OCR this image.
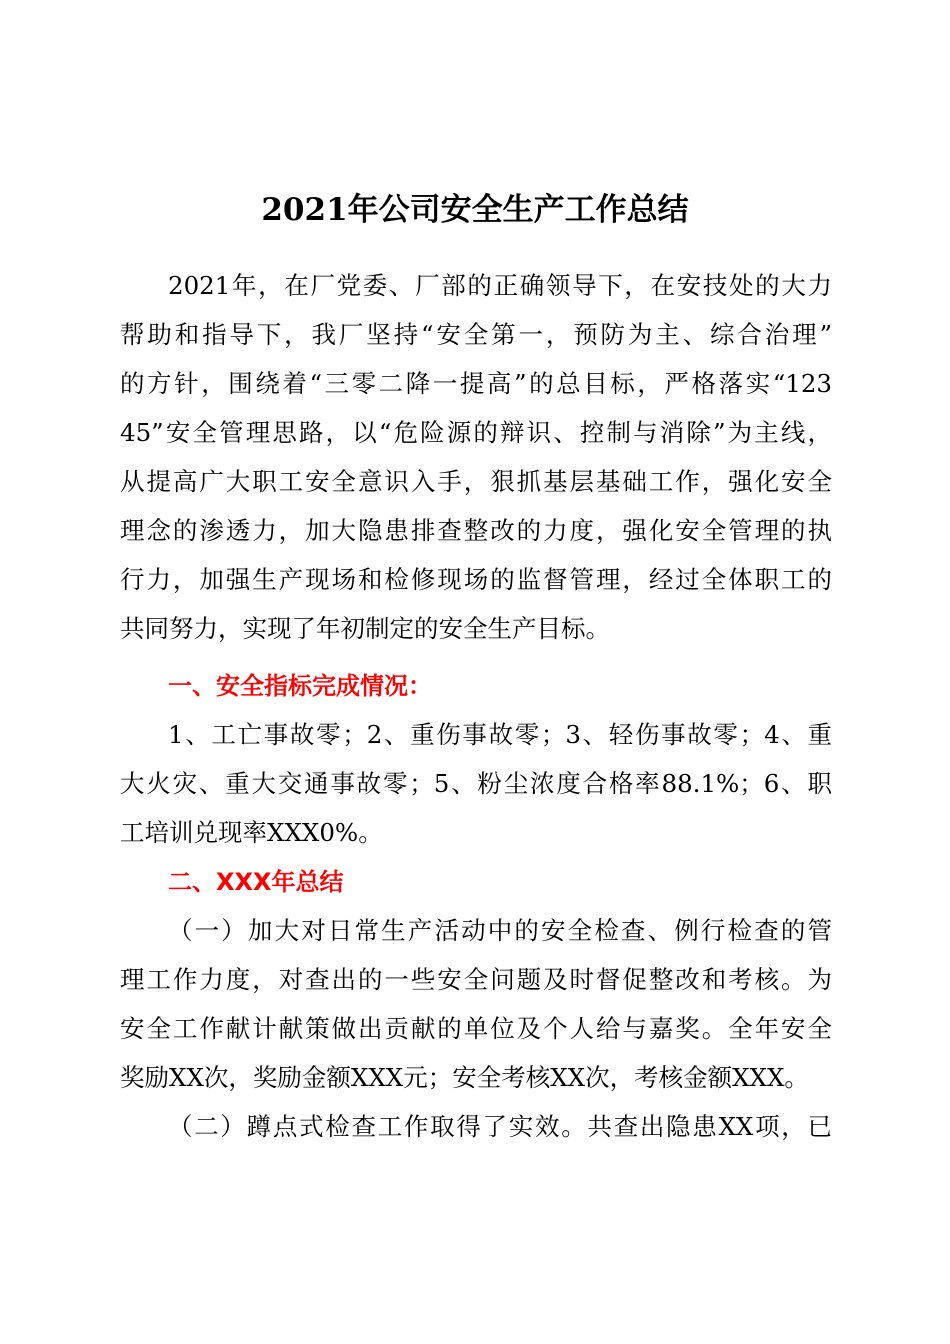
2021年公司安全生产工作总结
2021年，在厂党委、厂部的正确领导下，在安技处的大力
帮助和指导下，我厂坚持“安全第一，预防为主、综合治理”
的方针，围绕着“三零二降一提高”的总目标，严格落实“123
45”安全管理思路，以“危险源的辩识、控制与消除”为主线，
从提高广大职工安全意识入手，狠抓基层基础工作，强化安全
理念的渗透力，加大隐患排查整改的力度，强化安全管理的执
行力，加强生产现场和检修现场的监督管理，经过全体职工的
共同努力，实现了年初制定的安全生产目标。
一、安全指标完成情况：
1、工亡事故零；2、重伤事故零；3、轻伤事故零；4、重
大火灾、重大交通事故零；5、粉尘浓度合格率88.1%；6、职
工培训兑现率XXX0%。
二、XXX年总结
（一）加大对日常生产活动中的安全检查、例行检查的管
理工作力度，对查出的一些安全问题及时督促整改和考核。为
安全工作献计献策做出贡献的单位及个人给与嘉奖。全年安全
奖励XX次，奖励金额XXX元；安全考核XX次，考核金额XXX。
（二）蹲点式检查工作取得了实效。共查出隐患XX项，已
